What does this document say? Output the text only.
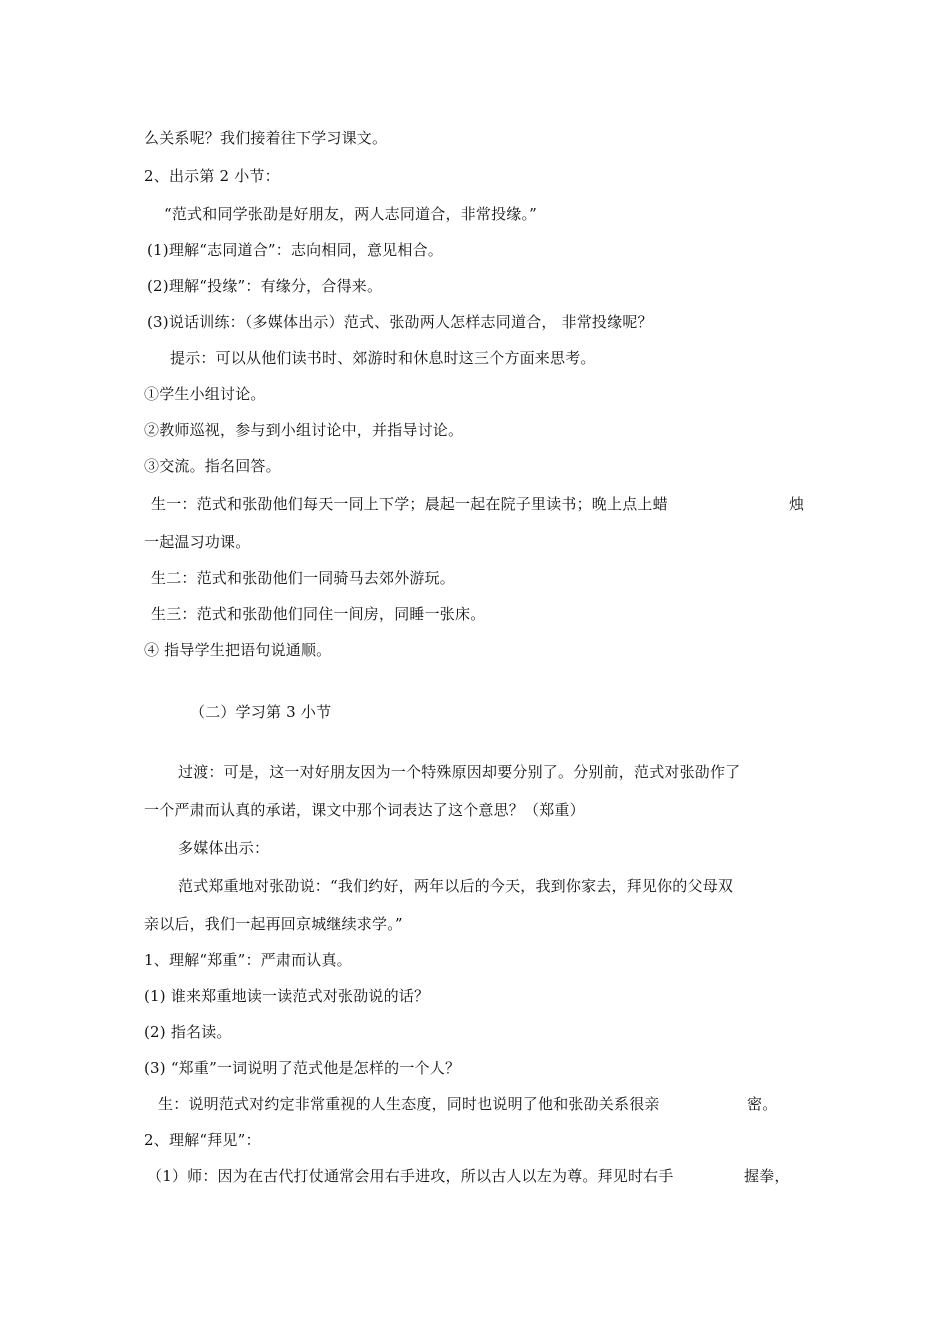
么关系呢？我们接着往下学习课文。
2、出示第 2 小节：
“范式和同学张劭是好朋友，两人志同道合，非常投缘。”
(1)理解“志同道合”：志向相同，意见相合。
(2)理解“投缘”：有缘分，合得来。
(3)说话训练：（多媒体出示）范式、张劭两人怎样志同道合， 非常投缘呢？
提示：可以从他们读书时、郊游时和休息时这三个方面来思考。
①学生小组讨论。
②教师巡视，参与到小组讨论中，并指导讨论。
③交流。指名回答。
生一：范式和张劭他们每天一同上下学；晨起一起在院子里读书；晚上点上蜡	烛
一起温习功课。
生二：范式和张劭他们一同骑马去郊外游玩。
生三：范式和张劭他们同住一间房，同睡一张床。
④ 指导学生把语句说通顺。
（二）学习第 3 小节
过渡：可是，这一对好朋友因为一个特殊原因却要分别了。分别前，范式对张劭作了
一个严肃而认真的承诺，课文中那个词表达了这个意思？（郑重）
多媒体出示：
范式郑重地对张劭说：“我们约好，两年以后的今天，我到你家去，拜见你的父母双
亲以后，我们一起再回京城继续求学。”
1、理解“郑重”：严肃而认真。
(1) 谁来郑重地读一读范式对张劭说的话？
(2) 指名读。
(3) “郑重”一词说明了范式他是怎样的一个人？
生：说明范式对约定非常重视的人生态度，同时也说明了他和张劭关系很亲	密。
2、理解“拜见”：
（1）师：因为在古代打仗通常会用右手进攻，所以古人以左为尊。拜见时右手	握拳，
